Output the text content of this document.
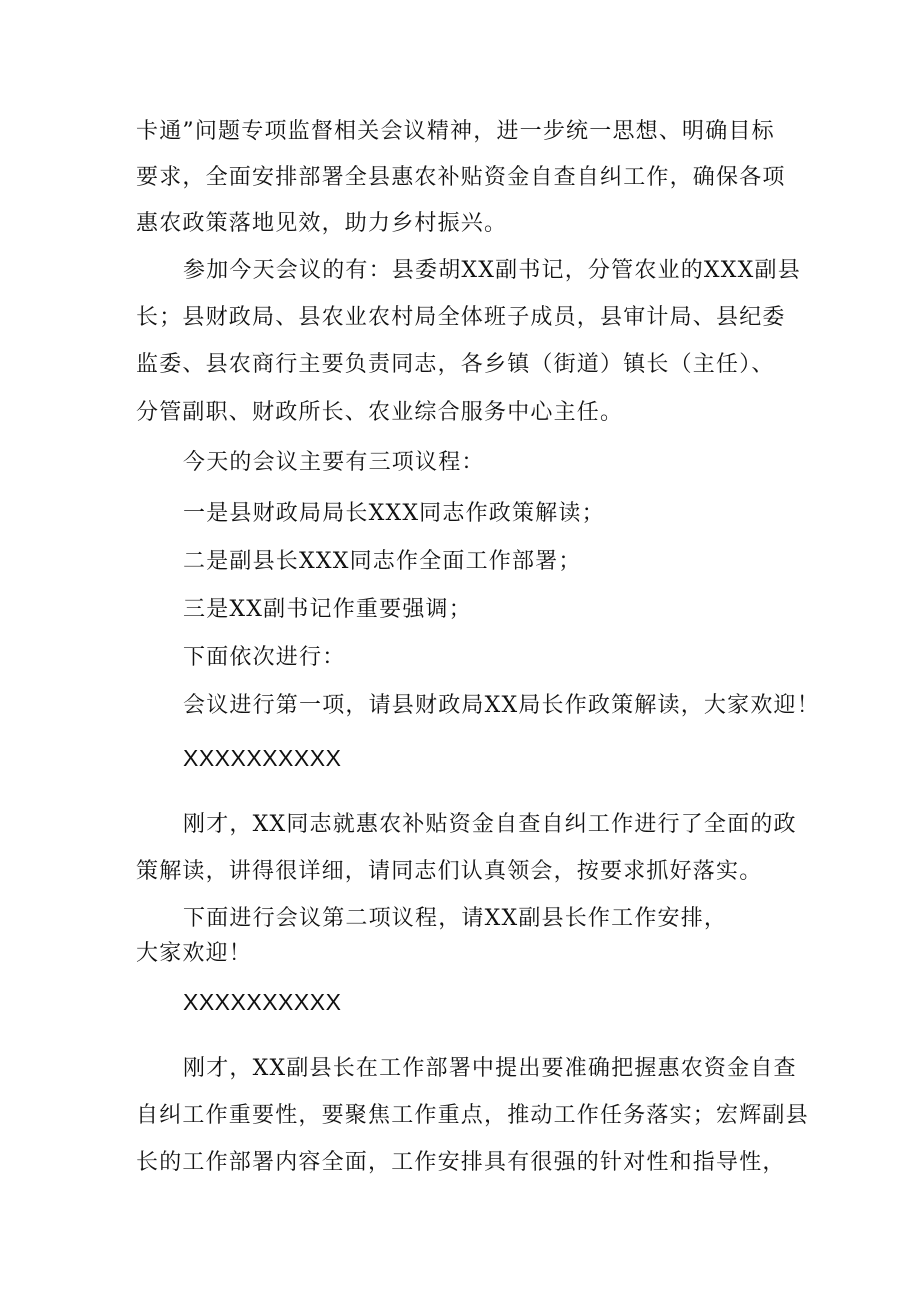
卡通”问题专项监督相关会议精神，进一步统一思想、明确目标
要求，全面安排部署全县惠农补贴资金自查自纠工作，确保各项
惠农政策落地见效，助力乡村振兴。
参加今天会议的有：县委胡XX副书记，分管农业的XXX副县
长；县财政局、县农业农村局全体班子成员，县审计局、县纪委
监委、县农商行主要负责同志，各乡镇（街道）镇长（主任）、
分管副职、财政所长、农业综合服务中心主任。
今天的会议主要有三项议程：
一是县财政局局长XXX同志作政策解读；
二是副县长XXX同志作全面工作部署；
三是XX副书记作重要强调；
下面依次进行：
会议进行第一项，请县财政局XX局长作政策解读，大家欢迎！
XXXXXXXXXX
刚才，XX同志就惠农补贴资金自查自纠工作进行了全面的政
策解读，讲得很详细，请同志们认真领会，按要求抓好落实。
下面进行会议第二项议程，请XX副县长作工作安排，
大家欢迎！
XXXXXXXXXX
刚才，XX副县长在工作部署中提出要准确把握惠农资金自查
自纠工作重要性，要聚焦工作重点，推动工作任务落实；宏辉副县
长的工作部署内容全面，工作安排具有很强的针对性和指导性，
